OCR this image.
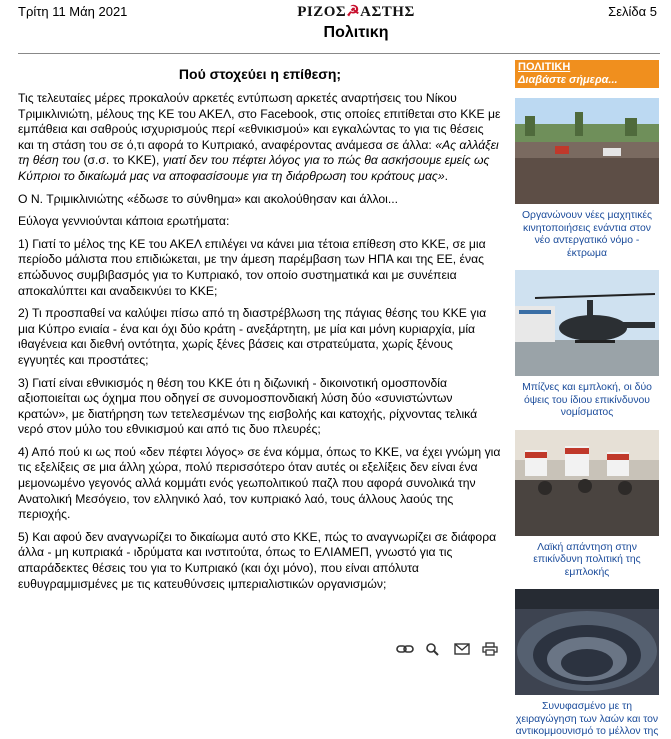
Τρίτη 11 Μάη 2021	ΡΙΖΟΣ☭ΑΣΤΗΣ
Πολιτικη
Σελίδα 5
Πού στοχεύει η επίθεση;

Τις τελευταίες μέρες προκαλούν αρκετές εντύπωση αρκετές αναρτήσεις του Νίκου Τριμικλινιώτη, μέλους της ΚΕ του ΑΚΕΛ, στο Facebook, στις οποίες επιτίθεται στο ΚΚΕ με εμπάθεια και σαθρούς ισχυρισμούς περί «εθνικισμού» και εγκαλώντας το για τις θέσεις και τη στάση του σε ό,τι αφορά το Κυπριακό, αναφέροντας ανάμεσα σε άλλα: «Ας αλλάξει τη θέση του (σ.σ. το ΚΚΕ), γιατί δεν του πέφτει λόγος για το πώς θα ασκήσουμε εμείς ως Κύπριοι το δικαίωμά μας να αποφασίσουμε για τη διάρθρωση του κράτους μας».

Ο Ν. Τριμικλινιώτης «έδωσε το σύνθημα» και ακολούθησαν και άλλοι...

Εύλογα γεννιούνται κάποια ερωτήματα:

1) Γιατί το μέλος της ΚΕ του ΑΚΕΛ επιλέγει να κάνει μια τέτοια επίθεση στο ΚΚΕ, σε μια περίοδο μάλιστα που επιδιώκεται, με την άμεση παρέμβαση των ΗΠΑ και της ΕΕ, ένας επώδυνος συμβιβασμός για το Κυπριακό, τον οποίο συστηματικά και με συνέπεια αποκαλύπτει και αναδεικνύει το ΚΚΕ;

2) Τι προσπαθεί να καλύψει πίσω από τη διαστρέβλωση της πάγιας θέσης του ΚΚΕ για μια Κύπρο ενιαία - ένα και όχι δύο κράτη - ανεξάρτητη, με μία και μόνη κυριαρχία, μία ιθαγένεια και διεθνή οντότητα, χωρίς ξένες βάσεις και στρατεύματα, χωρίς ξένους εγγυητές και προστάτες;

3) Γιατί είναι εθνικισμός η θέση του ΚΚΕ ότι η διζωνική - δικοινοτική ομοσπονδία αξιοποιείται ως όχημα που οδηγεί σε συνομοσπονδιακή λύση δύο «συνιστώντων κρατών», με διατήρηση των τετελεσμένων της εισβολής και κατοχής, ρίχνοντας τελικά νερό στον μύλο του εθνικισμού και από τις δυο πλευρές;

4) Από πού κι ως πού «δεν πέφτει λόγος» σε ένα κόμμα, όπως το ΚΚΕ, να έχει γνώμη για τις εξελίξεις σε μια άλλη χώρα, πολύ περισσότερο όταν αυτές οι εξελίξεις δεν είναι ένα μεμονωμένο γεγονός αλλά κομμάτι ενός γεωπολιτικού παζλ που αφορά συνολικά την Ανατολική Μεσόγειο, τον ελληνικό λαό, τον κυπριακό λαό, τους άλλους λαούς της περιοχής.

5) Και αφού δεν αναγνωρίζει το δικαίωμα αυτό στο ΚΚΕ, πώς το αναγνωρίζει σε διάφορα άλλα - μη κυπριακά - ιδρύματα και ινστιτούτα, όπως το ΕΛΙΑΜΕΠ, γνωστό για τις απαράδεκτες θέσεις του για το Κυπριακό (και όχι μόνο), που είναι απόλυτα ευθυγραμμισμένες με τις κατευθύνσεις ιμπεριαλιστικών οργανισμών;

ΠΟΛΙΤΙΚΗ
Διαβάστε σήμερα...
Οργανώνουν νέες μαχητικές κινητοποιήσεις ενάντια στον νέο αντεργατικό νόμο - έκτρωμα
Μπίζνες και εμπλοκή, οι δύο όψεις του ίδιου επικίνδυνου νομίσματος
Λαϊκή απάντηση στην επικίνδυνη πολιτική της εμπλοκής
Συνυφασμένο με τη χειραγώγηση των λαών και τον αντικομμουνισμό το μέλλον της
